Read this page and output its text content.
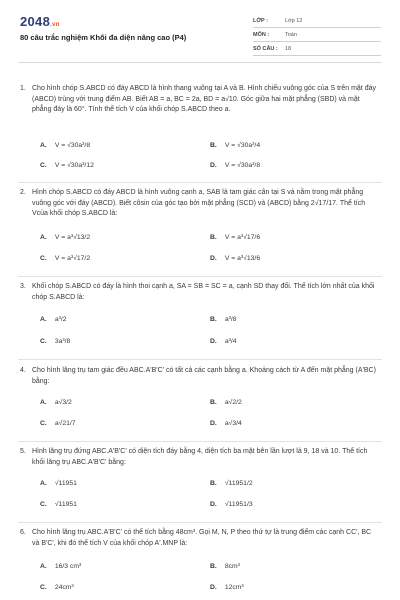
2048.vn
80 câu trắc nghiệm Khối đa diện nâng cao (P4)
LỚP :	Lớp 12
MÔN :	Toán
SỐ CÂU :	18
1. Cho hình chóp S.ABCD có đáy ABCD là hình thang vuông tại A và B. Hình chiếu vuông góc của S trên mặt đáy (ABCD) trùng với trung điểm AB. Biết AB = a, BC = 2a, BD = a√10. Góc giữa hai mặt phẳng (SBD) và mặt phẳng đáy là 60°. Tính thể tích V của khối chóp S.ABCD theo a.
A. V = √30a³/8	B. V = √30a³/4
C. V = √30a³/12	D. V = √30a³/8
2. Hình chóp S.ABCD có đáy ABCD là hình vuông cạnh a, SAB là tam giác cân tại S và nằm trong mặt phẳng vuông góc với đáy (ABCD). Biết côsin của góc tạo bởi mặt phẳng (SCD) và (ABCD) bằng 2√17/17. Thể tích Vcủa khối chóp S.ABCD là:
A. V = a³√13/2	B. V = a³√17/6
C. V = a³√17/2	D. V = a³√13/6
3. Khối chóp S.ABCD có đáy là hình thoi cạnh a, SA = SB = SC = a, cạnh SD thay đổi. Thể tích lớn nhất của khối chóp S.ABCD là:
A. a³/2	B. a³/8
C. 3a³/8	D. a³/4
4. Cho hình lăng trụ tam giác đều ABC.A'B'C' có tất cả các cạnh bằng a. Khoảng cách từ A đến mặt phẳng (A'BC) bằng:
A. a√3/2	B. a√2/2
C. a√21/7	D. a√3/4
5. Hình lăng trụ đứng ABC.A'B'C' có diện tích đáy bằng 4, diện tích ba mặt bên lần lượt là 9, 18 và 10. Thể tích khối lăng trụ ABC.A'B'C' bằng:
A. √11951	B. √11951/2
C. √11951	D. √11951/3
6. Cho hình lăng trụ ABC.A'B'C' có thể tích bằng 48cm³. Gọi M, N, P theo thứ tự là trung điểm các cạnh CC', BC và B'C', khi đó thể tích V của khối chóp A'.MNP là:
A. 16/3 cm³	B. 8cm³
C. 24cm³	D. 12cm³
